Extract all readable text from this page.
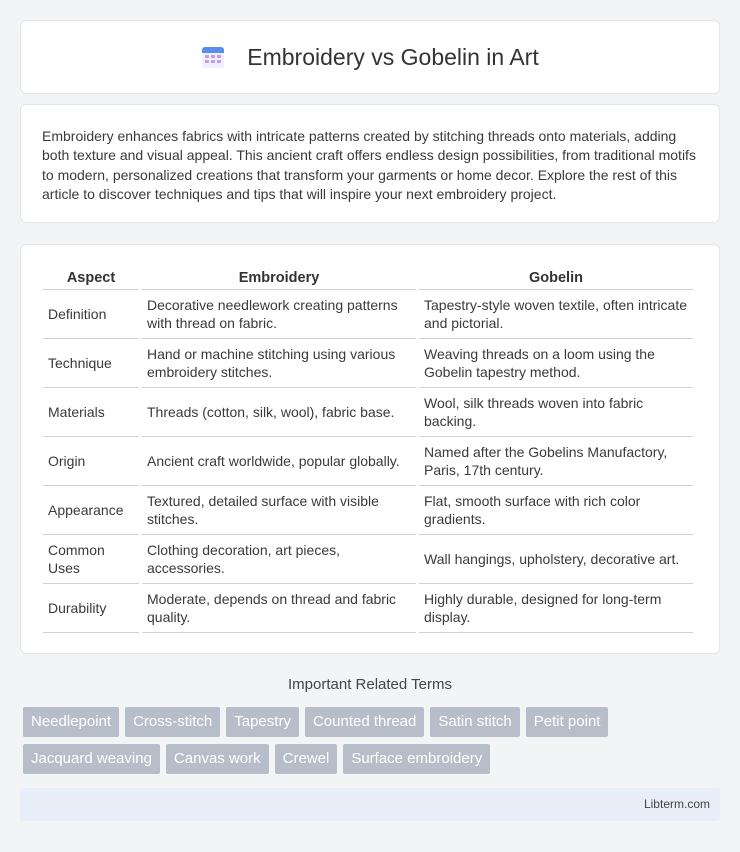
Embroidery vs Gobelin in Art

Embroidery enhances fabrics with intricate patterns created by stitching threads onto materials, adding both texture and visual appeal. This ancient craft offers endless design possibilities, from traditional motifs to modern, personalized creations that transform your garments or home decor. Explore the rest of this article to discover techniques and tips that will inspire your next embroidery project.

Aspect	Embroidery	Gobelin
Definition	Decorative needlework creating patterns with thread on fabric.	Tapestry-style woven textile, often intricate and pictorial.
Technique	Hand or machine stitching using various embroidery stitches.	Weaving threads on a loom using the Gobelin tapestry method.
Materials	Threads (cotton, silk, wool), fabric base.	Wool, silk threads woven into fabric backing.
Origin	Ancient craft worldwide, popular globally.	Named after the Gobelins Manufactory, Paris, 17th century.
Appearance	Textured, detailed surface with visible stitches.	Flat, smooth surface with rich color gradients.
Common Uses	Clothing decoration, art pieces, accessories.	Wall hangings, upholstery, decorative art.
Durability	Moderate, depends on thread and fabric quality.	Highly durable, designed for long-term display.
Important Related Terms
Needlepoint	Cross-stitch	Tapestry	Counted thread	Satin stitch	Petit point
Jacquard weaving	Canvas work	Crewel	Surface embroidery
Libterm.com
